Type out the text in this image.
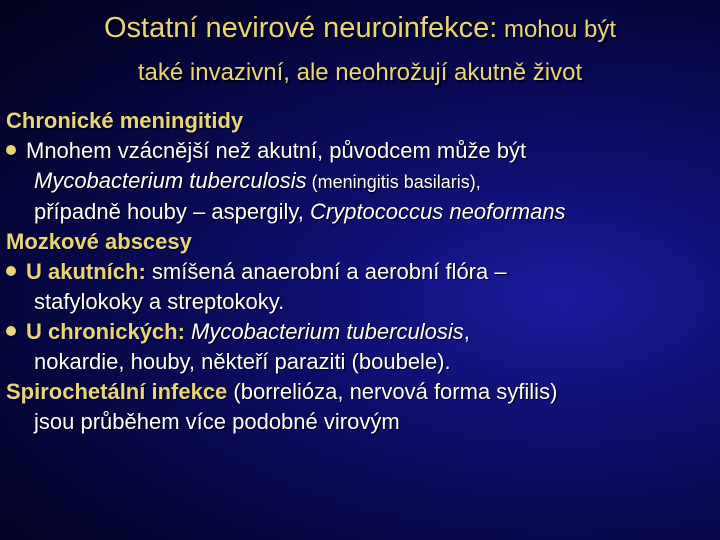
Ostatní nevirové neuroinfekce: mohou být
také invazivní, ale neohrožují akutně život
Chronické meningitidy
Mnohem vzácnější než akutní, původcem může být
Mycobacterium tuberculosis (meningitis basilaris),
případně houby – aspergily, Cryptococcus neoformans
Mozkové abscesy
U akutních: smíšená anaerobní a aerobní flóra –
stafylokoky a streptokoky.
U chronických: Mycobacterium tuberculosis,
nokardie, houby, někteří paraziti (boubele).
Spirochetální infekce (borrelióza, nervová forma syfilis)
jsou průběhem více podobné virovým
